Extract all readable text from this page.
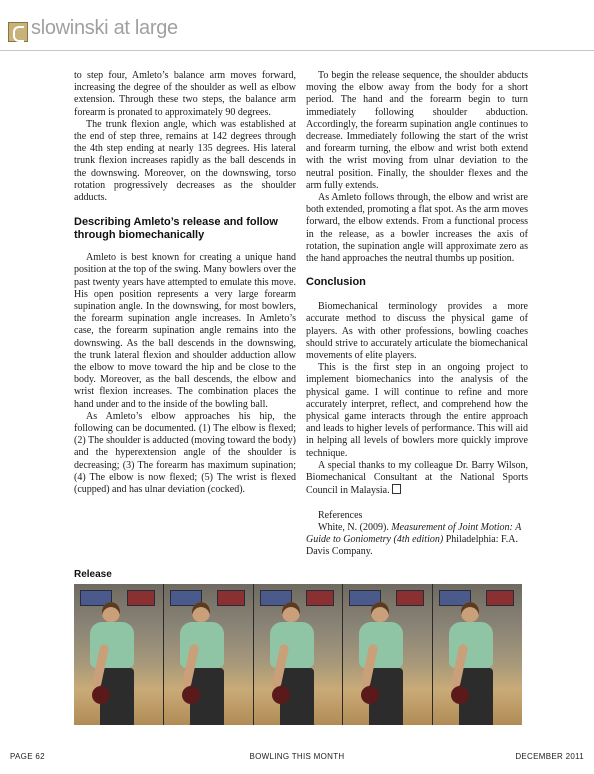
slowinski at large

to step four, Amleto’s balance arm moves forward, increasing the degree of the shoulder as well as elbow extension. Through these two steps, the balance arm forearm is pronated to approximately 90 degrees.

The trunk flexion angle, which was established at the end of step three, remains at 142 degrees through the 4th step ending at nearly 135 degrees. His lateral trunk flexion increases rapidly as the ball descends in the downswing. Moreover, on the downswing, torso rotation progressively decreases as the shoulder adducts.

Describing Amleto’s release and follow through biomechanically

Amleto is best known for creating a unique hand position at the top of the swing. Many bowlers over the past twenty years have attempted to emulate this move. His open position represents a very large forearm supination angle. In the downswing, for most bowlers, the forearm supination angle increases. In Amleto’s case, the forearm supination angle remains into the downswing. As the ball descends in the downswing, the trunk lateral flexion and shoulder adduction allow the elbow to move toward the hip and be close to the body. Moreover, as the ball descends, the elbow and wrist flexion increases. The combination places the hand under and to the inside of the bowling ball.

As Amleto’s elbow approaches his hip, the following can be documented. (1) The elbow is flexed; (2) The shoulder is adducted (moving toward the body) and the hyperextension angle of the shoulder is decreasing; (3) The forearm has maximum supination; (4) The elbow is now flexed; (5) The wrist is flexed (cupped) and has ulnar deviation (cocked).

To begin the release sequence, the shoulder abducts moving the elbow away from the body for a short period. The hand and the forearm begin to turn immediately following shoulder abduction. Accordingly, the forearm supination angle continues to decrease. Immediately following the start of the wrist and forearm turning, the elbow and wrist both extend with the wrist moving from ulnar deviation to the neutral position. Finally, the shoulder flexes and the arm fully extends.

As Amleto follows through, the elbow and wrist are both extended, promoting a flat spot. As the arm moves forward, the elbow extends. From a functional process in the release, as a bowler increases the axis of rotation, the supination angle will approximate zero as the hand approaches the neutral thumbs up position.

Conclusion

Biomechanical terminology provides a more accurate method to discuss the physical game of players. As with other professions, bowling coaches should strive to accurately articulate the biomechanical movements of elite players.

This is the first step in an ongoing project to implement biomechanics into the analysis of the physical game. I will continue to refine and more accurately interpret, reflect, and comprehend how the physical game interacts through the entire approach and leads to higher levels of performance. This will aid in helping all levels of bowlers more quickly improve technique.

A special thanks to my colleague Dr. Barry Wilson, Biomechanical Consultant at the National Sports Council in Malaysia.

References

White, N. (2009). Measurement of Joint Motion: A Guide to Goniometry (4th edition) Philadelphia: F.A. Davis Company.

Release
PAGE 62	BOWLING THIS MONTH	DECEMBER 2011
